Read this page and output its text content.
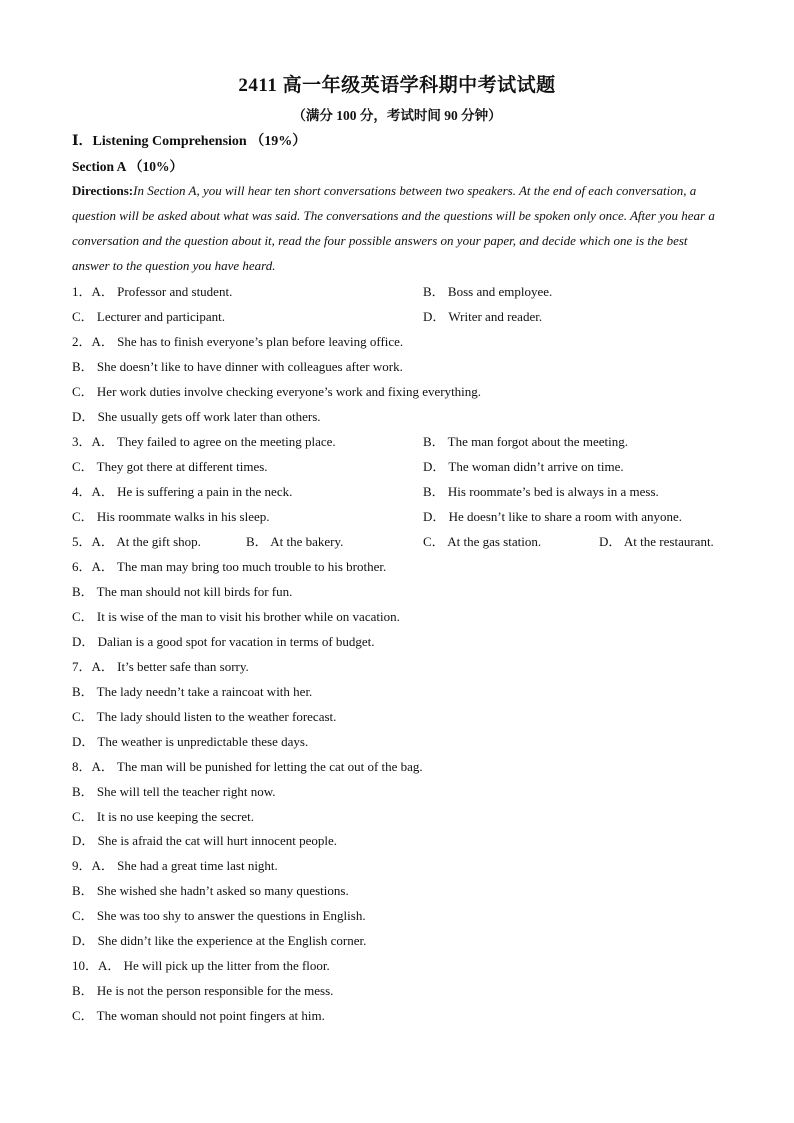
2411 高一年级英语学科期中考试试题
（满分 100 分，考试时间 90 分钟）
Ⅰ．Listening Comprehension （19%）
Section A （10%）
Directions:In Section A, you will hear ten short conversations between two speakers. At the end of each conversation, a question will be asked about what was said. The conversations and the questions will be spoken only once. After you hear a conversation and the question about it, read the four possible answers on your paper, and decide which one is the best answer to the question you have heard.
1．A． Professor and student.	B． Boss and employee.
C． Lecturer and participant.	D． Writer and reader.
2．A． She has to finish everyone’s plan before leaving office.
B． She doesn’t like to have dinner with colleagues after work.
C． Her work duties involve checking everyone’s work and fixing everything.
D． She usually gets off work later than others.
3．A． They failed to agree on the meeting place.	B． The man forgot about the meeting.
C． They got there at different times.	D． The woman didn’t arrive on time.
4．A． He is suffering a pain in the neck.	B． His roommate’s bed is always in a mess.
C． His roommate walks in his sleep.	D． He doesn’t like to share a room with anyone.
5．A． At the gift shop.	B． At the bakery.	C． At the gas station.	D． At the restaurant.
6．A． The man may bring too much trouble to his brother.
B． The man should not kill birds for fun.
C． It is wise of the man to visit his brother while on vacation.
D． Dalian is a good spot for vacation in terms of budget.
7．A． It’s better safe than sorry.
B． The lady needn’t take a raincoat with her.
C． The lady should listen to the weather forecast.
D． The weather is unpredictable these days.
8．A． The man will be punished for letting the cat out of the bag.
B． She will tell the teacher right now.
C． It is no use keeping the secret.
D． She is afraid the cat will hurt innocent people.
9．A． She had a great time last night.
B． She wished she hadn’t asked so many questions.
C． She was too shy to answer the questions in English.
D． She didn’t like the experience at the English corner.
10．A． He will pick up the litter from the floor.
B． He is not the person responsible for the mess.
C． The woman should not point fingers at him.
